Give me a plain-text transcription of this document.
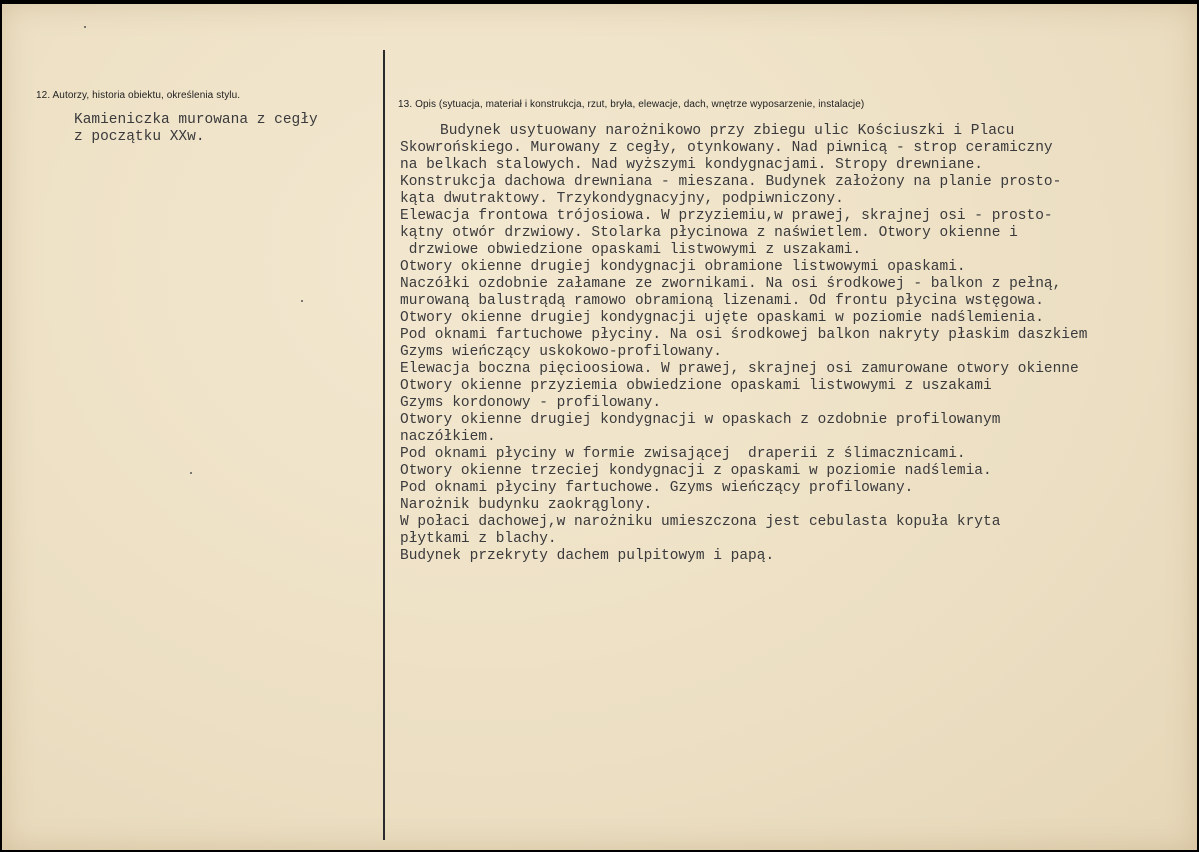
12. Autorzy, historia obiektu, określenia stylu.

Kamieniczka murowana z cegły

z początku XXw.

13. Opis (sytuacja, materiał i konstrukcja, rzut, bryła, elewacje, dach, wnętrze wyposarzenie, instalacje)

Budynek usytuowany narożnikowo przy zbiegu ulic Kościuszki i Placu

Skowrońskiego. Murowany z cegły, otynkowany. Nad piwnicą - strop ceramiczny

na belkach stalowych. Nad wyższymi kondygnacjami. Stropy drewniane.

Konstrukcja dachowa drewniana - mieszana. Budynek założony na planie prosto-

kąta dwutraktowy. Trzykondygnacyjny, podpiwniczony.

Elewacja frontowa trójosiowa. W przyziemiu,w prawej, skrajnej osi - prosto-

kątny otwór drzwiowy. Stolarka płycinowa z naświetlem. Otwory okienne i

drzwiowe obwiedzione opaskami listwowymi z uszakami.

Otwory okienne drugiej kondygnacji obramione listwowymi opaskami.

Naczółki ozdobnie załamane ze zwornikami. Na osi środkowej - balkon z pełną,

murowaną balustrądą ramowo obramioną lizenami. Od frontu płycina wstęgowa.

Otwory okienne drugiej kondygnacji ujęte opaskami w poziomie nadślemienia.

Pod oknami fartuchowe płyciny. Na osi środkowej balkon nakryty płaskim daszkiem

Gzyms wieńczący uskokowo-profilowany.

Elewacja boczna pięcioosiowa. W prawej, skrajnej osi zamurowane otwory okienne

Otwory okienne przyziemia obwiedzione opaskami listwowymi z uszakami

Gzyms kordonowy - profilowany.

Otwory okienne drugiej kondygnacji w opaskach z ozdobnie profilowanym

naczółkiem.

Pod oknami płyciny w formie zwisającej  draperii z ślimacznicami.

Otwory okienne trzeciej kondygnacji z opaskami w poziomie nadślemia.

Pod oknami płyciny fartuchowe. Gzyms wieńczący profilowany.

Narożnik budynku zaokrąglony.

W połaci dachowej,w narożniku umieszczona jest cebulasta kopuła kryta

płytkami z blachy.

Budynek przekryty dachem pulpitowym i papą.
